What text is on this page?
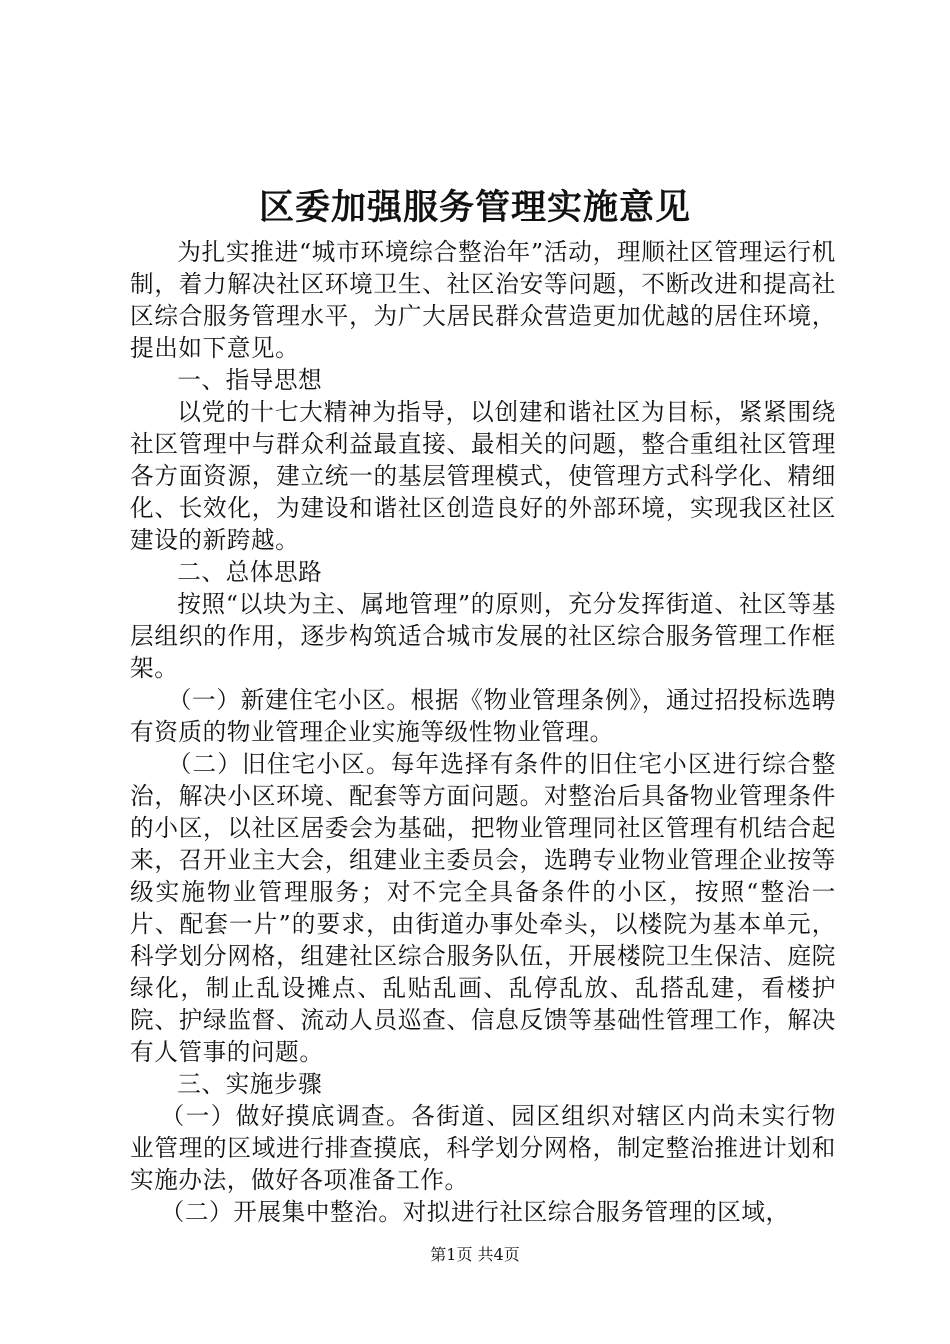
区委加强服务管理实施意见

为扎实推进“城市环境综合整治年”活动，理顺社区管理运行机制，着力解决社区环境卫生、社区治安等问题，不断改进和提高社区综合服务管理水平，为广大居民群众营造更加优越的居住环境，提出如下意见。

一、指导思想

以党的十七大精神为指导，以创建和谐社区为目标，紧紧围绕社区管理中与群众利益最直接、最相关的问题，整合重组社区管理各方面资源，建立统一的基层管理模式，使管理方式科学化、精细化、长效化，为建设和谐社区创造良好的外部环境，实现我区社区建设的新跨越。

二、总体思路

按照“以块为主、属地管理”的原则，充分发挥街道、社区等基层组织的作用，逐步构筑适合城市发展的社区综合服务管理工作框架。

（一）新建住宅小区。根据《物业管理条例》，通过招投标选聘有资质的物业管理企业实施等级性物业管理。

（二）旧住宅小区。每年选择有条件的旧住宅小区进行综合整治，解决小区环境、配套等方面问题。对整治后具备物业管理条件的小区，以社区居委会为基础，把物业管理同社区管理有机结合起来，召开业主大会，组建业主委员会，选聘专业物业管理企业按等级实施物业管理服务；对不完全具备条件的小区，按照“整治一片、配套一片”的要求，由街道办事处牵头，以楼院为基本单元，科学划分网格，组建社区综合服务队伍，开展楼院卫生保洁、庭院绿化，制止乱设摊点、乱贴乱画、乱停乱放、乱搭乱建，看楼护院、护绿监督、流动人员巡查、信息反馈等基础性管理工作，解决有人管事的问题。

三、实施步骤

（一）做好摸底调查。各街道、园区组织对辖区内尚未实行物业管理的区域进行排查摸底，科学划分网格，制定整治推进计划和实施办法，做好各项准备工作。

（二）开展集中整治。对拟进行社区综合服务管理的区域，

第1页 共4页
